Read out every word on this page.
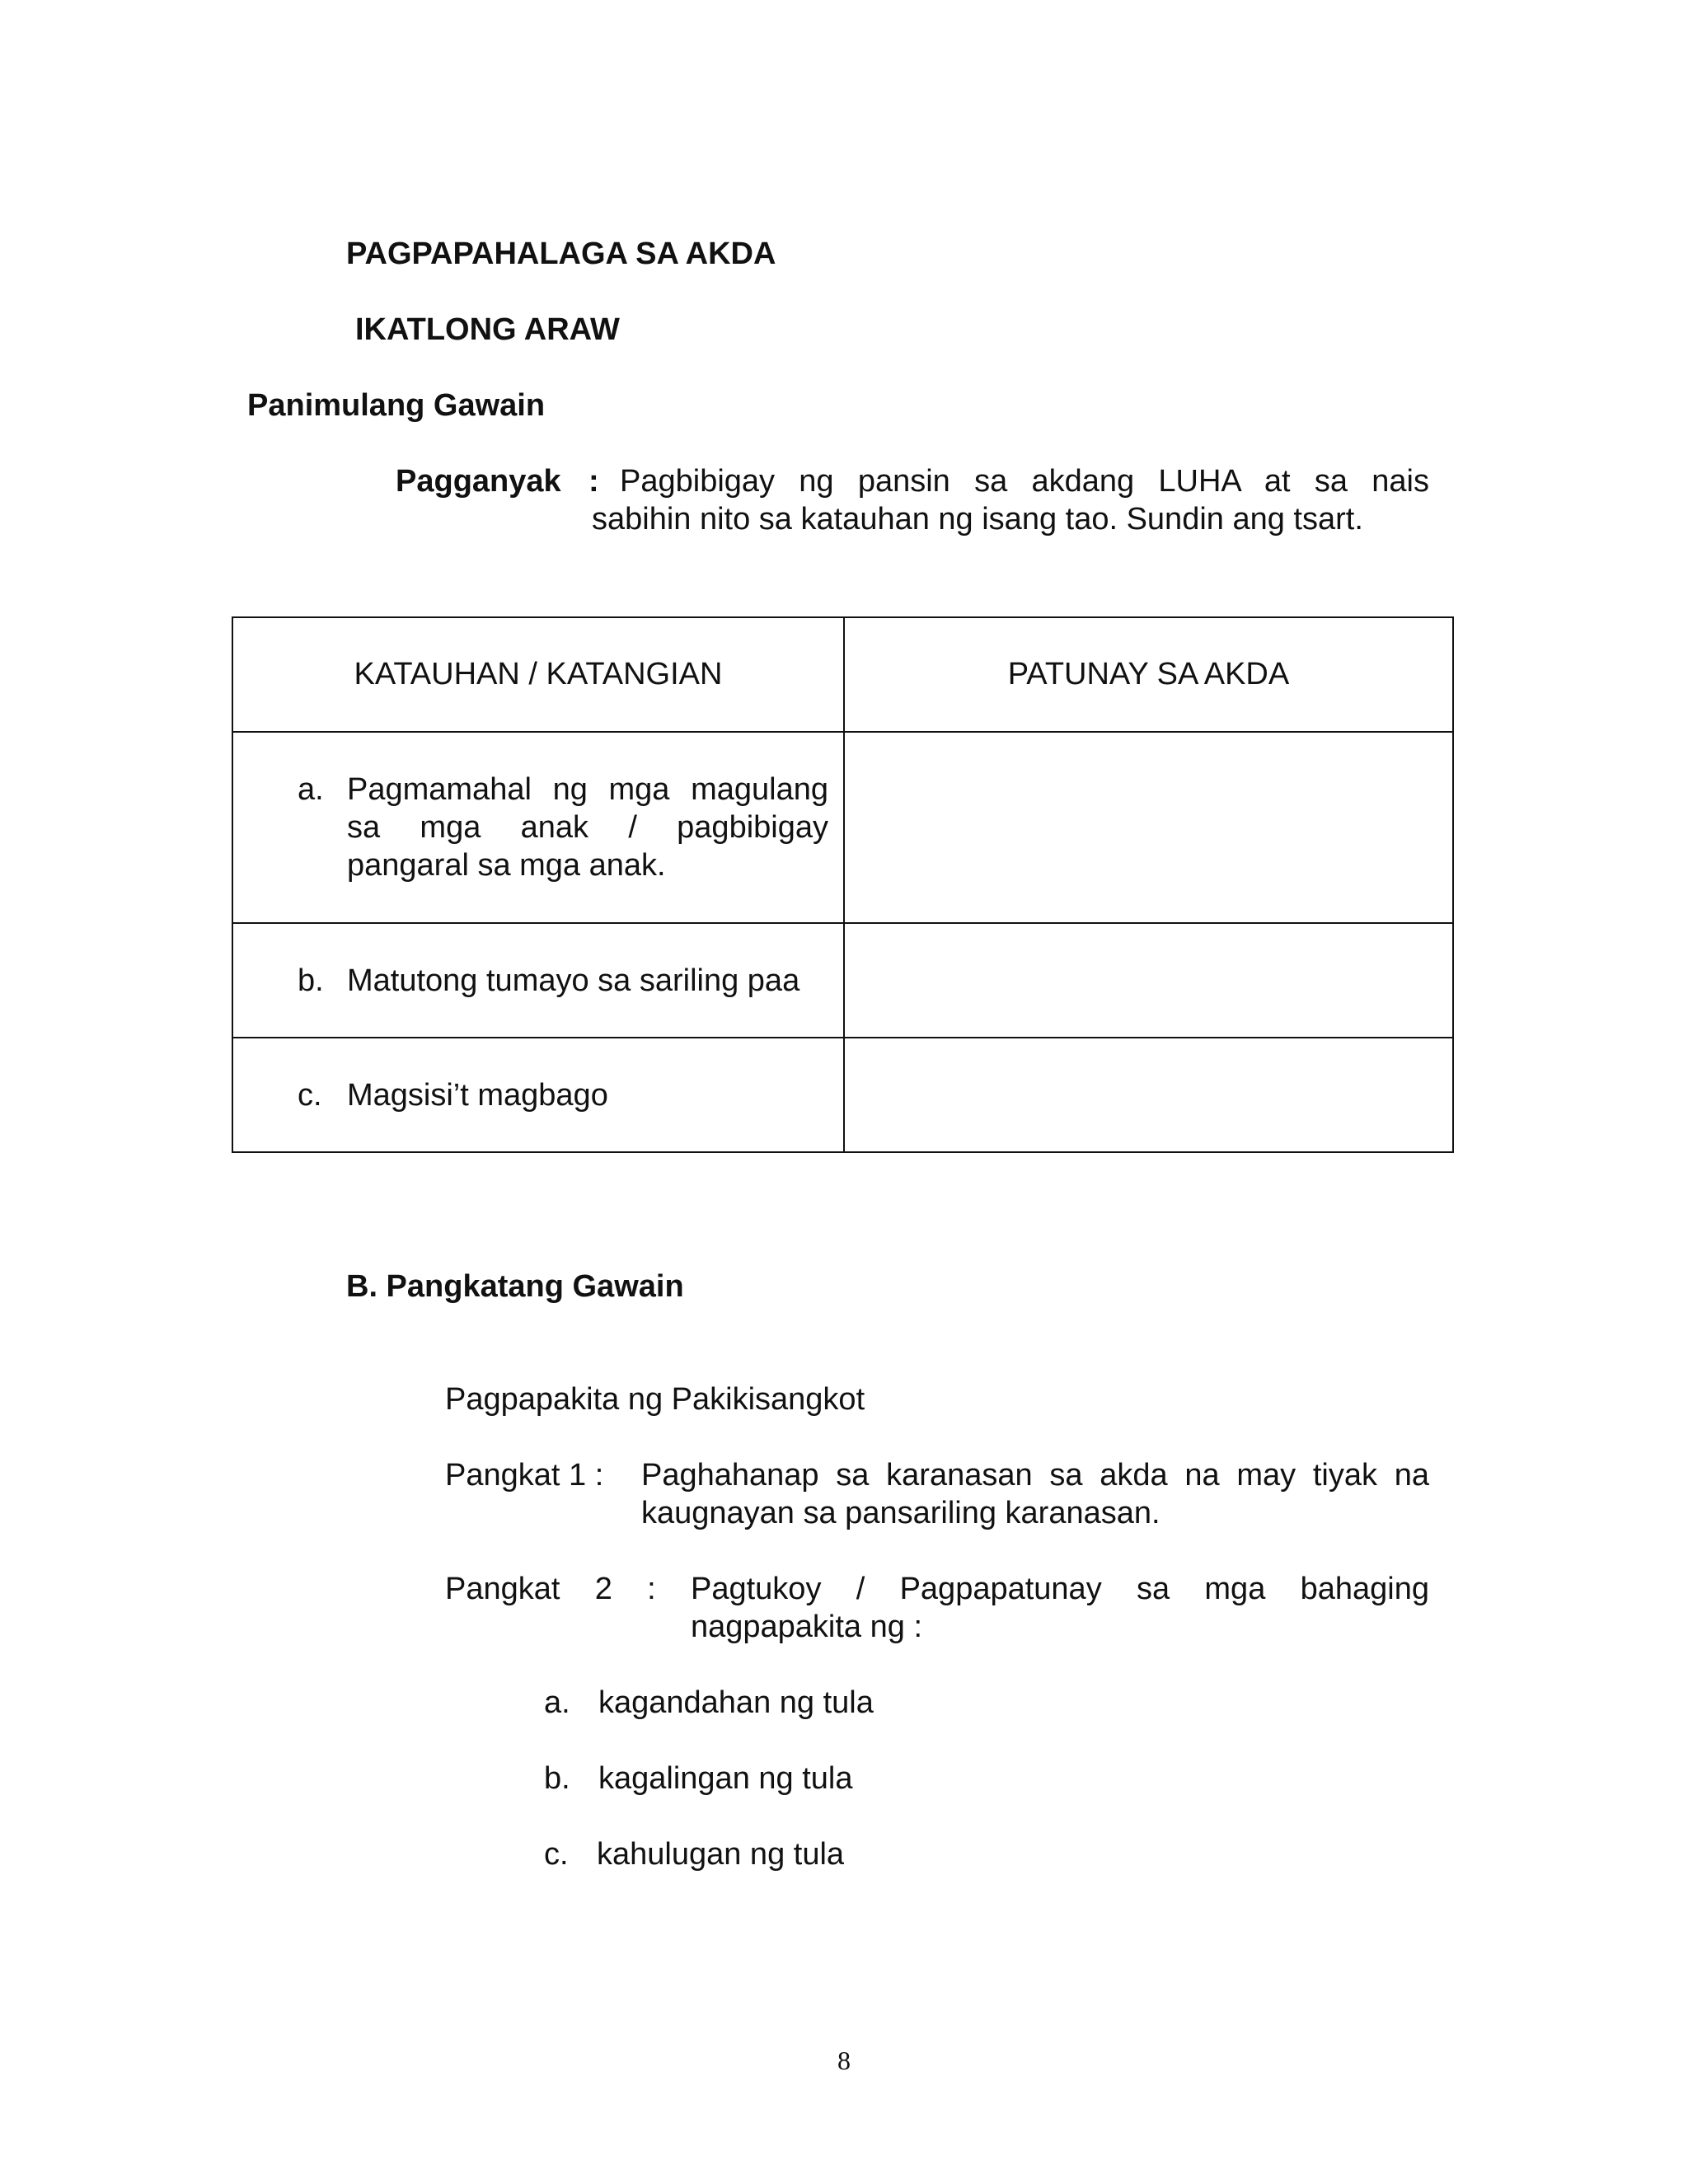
PAGPAPAHALAGA SA AKDA
IKATLONG ARAW
Panimulang Gawain
Pagganyak : Pagbibigay ng pansin sa akdang LUHA at sa nais
sabihin nito sa katauhan ng isang tao. Sundin ang tsart.
KATAUHAN / KATANGIAN	PATUNAY SA AKDA

a. Pagmamahal ng mga magulang sa mga anak / pagbibigay pangaral sa mga anak.	

b. Matutong tumayo sa sariling paa	

c. Magsisi’t magbago	

B. Pangkatang Gawain
Pagpapakita ng Pakikisangkot
Pangkat 1 : Paghahanap sa karanasan sa akda na may tiyak na
kaugnayan sa pansariling karanasan.
Pangkat  2  :  Pagtukoy  /  Pagpapatunay  sa  mga  bahaging
nagpapakita ng :
a. kagandahan ng tula
b. kagalingan ng tula
c. kahulugan ng tula
8
